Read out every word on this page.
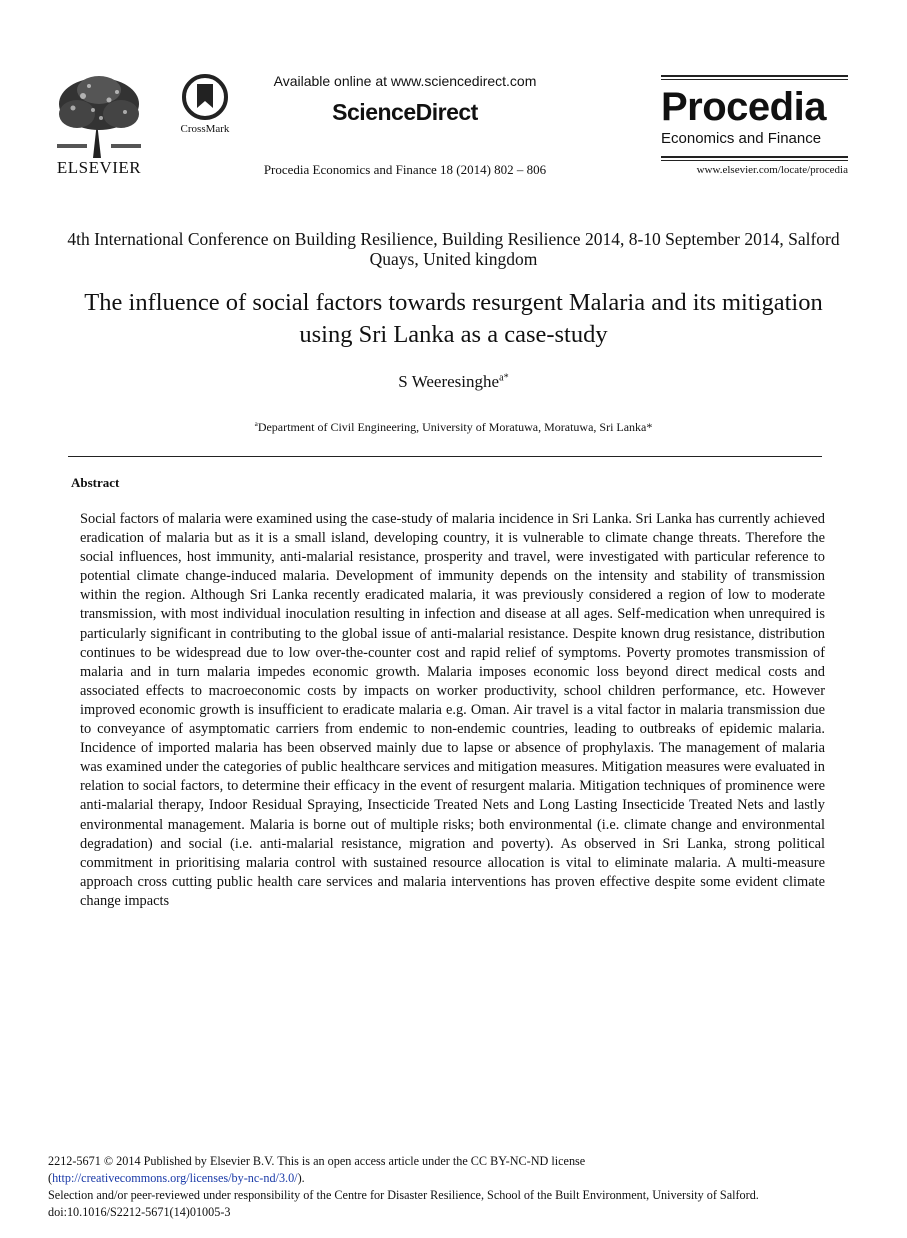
ELSEVIER
CrossMark
Available online at www.sciencedirect.com
ScienceDirect
Procedia Economics and Finance 18 (2014) 802 – 806
Procedia
Economics and Finance
www.elsevier.com/locate/procedia
4th International Conference on Building Resilience, Building Resilience 2014, 8-10 September 2014, Salford Quays, United kingdom
The influence of social factors towards resurgent Malaria and its mitigation using Sri Lanka as a case-study
S Weeresinghe$^{a*}$
$^a$Department of Civil Engineering, University of Moratuwa, Moratuwa, Sri Lanka*
Abstract
Social factors of malaria were examined using the case-study of malaria incidence in Sri Lanka. Sri Lanka has currently achieved eradication of malaria but as it is a small island, developing country, it is vulnerable to climate change threats. Therefore the social influences, host immunity, anti-malarial resistance, prosperity and travel, were investigated with particular reference to potential climate change-induced malaria. Development of immunity depends on the intensity and stability of transmission within the region. Although Sri Lanka recently eradicated malaria, it was previously considered a region of low to moderate transmission, with most individual inoculation resulting in infection and disease at all ages. Self-medication when unrequired is particularly significant in contributing to the global issue of anti-malarial resistance. Despite known drug resistance, distribution continues to be widespread due to low over-the-counter cost and rapid relief of symptoms. Poverty promotes transmission of malaria and in turn malaria impedes economic growth. Malaria imposes economic loss beyond direct medical costs and associated effects to macroeconomic costs by impacts on worker productivity, school children performance, etc. However improved economic growth is insufficient to eradicate malaria e.g. Oman. Air travel is a vital factor in malaria transmission due to conveyance of asymptomatic carriers from endemic to non-endemic countries, leading to outbreaks of epidemic malaria. Incidence of imported malaria has been observed mainly due to lapse or absence of prophylaxis. The management of malaria was examined under the categories of public healthcare services and mitigation measures. Mitigation measures were evaluated in relation to social factors, to determine their efficacy in the event of resurgent malaria. Mitigation techniques of prominence were anti-malarial therapy, Indoor Residual Spraying, Insecticide Treated Nets and Long Lasting Insecticide Treated Nets and lastly environmental management. Malaria is borne out of multiple risks; both environmental (i.e. climate change and environmental degradation) and social (i.e. anti-malarial resistance, migration and poverty). As observed in Sri Lanka, strong political commitment in prioritising malaria control with sustained resource allocation is vital to eliminate malaria. A multi-measure approach cross cutting public health care services and malaria interventions has proven effective despite some evident climate change impacts
2212-5671 © 2014 Published by Elsevier B.V. This is an open access article under the CC BY-NC-ND license
(http://creativecommons.org/licenses/by-nc-nd/3.0/).
Selection and/or peer-reviewed under responsibility of the Centre for Disaster Resilience, School of the Built Environment, University of Salford.
doi:10.1016/S2212-5671(14)01005-3
